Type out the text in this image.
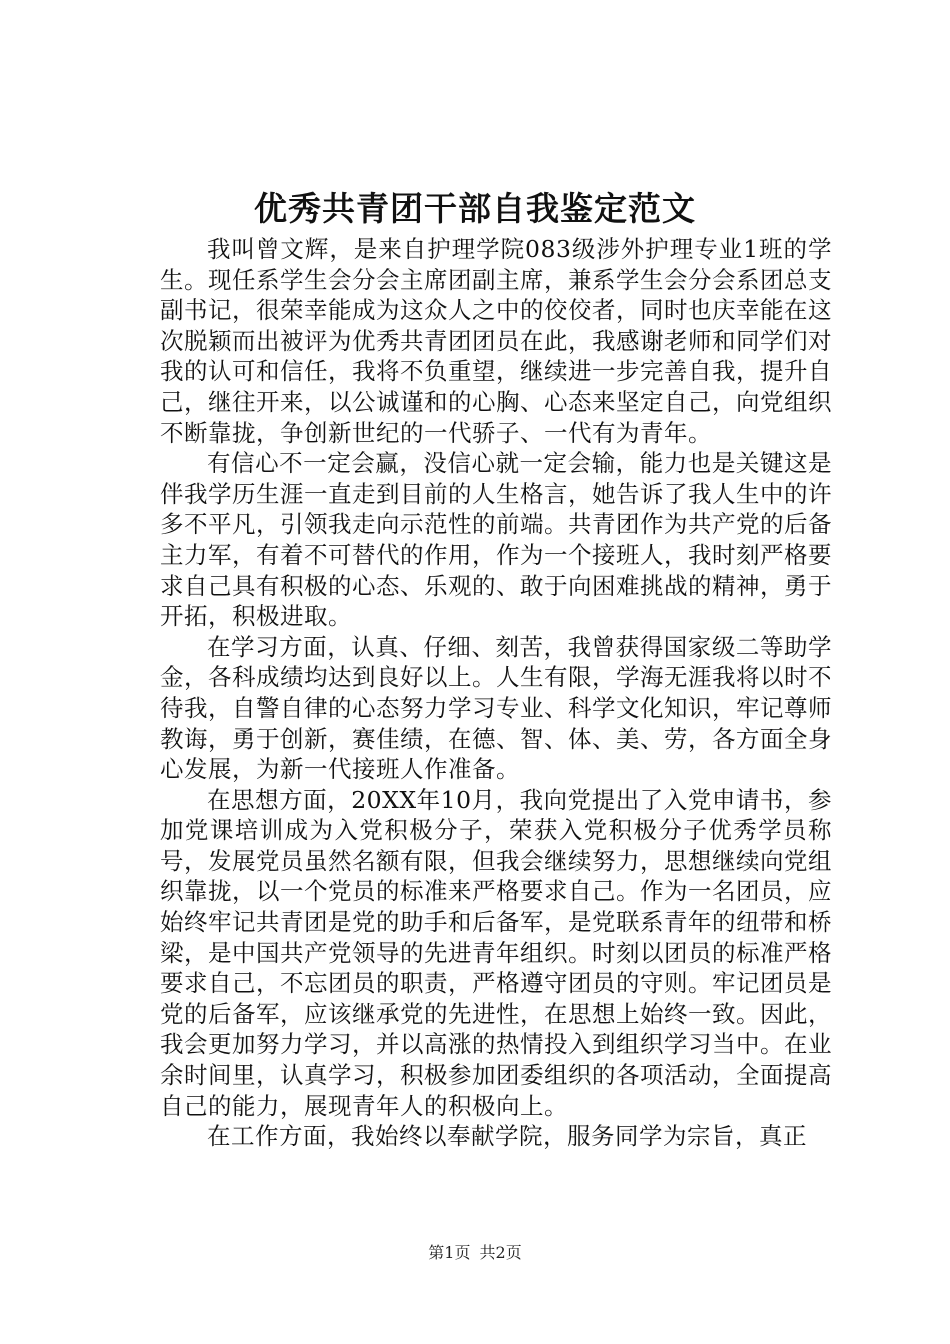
优秀共青团干部自我鉴定范文

我叫曾文辉，是来自护理学院083级涉外护理专业1班的学生。现任系学生会分会主席团副主席，兼系学生会分会系团总支副书记，很荣幸能成为这众人之中的佼佼者，同时也庆幸能在这次脱颖而出被评为优秀共青团团员在此，我感谢老师和同学们对我的认可和信任，我将不负重望，继续进一步完善自我，提升自己，继往开来，以公诚谨和的心胸、心态来坚定自己，向党组织不断靠拢，争创新世纪的一代骄子、一代有为青年。

有信心不一定会赢，没信心就一定会输，能力也是关键这是伴我学历生涯一直走到目前的人生格言，她告诉了我人生中的许多不平凡，引领我走向示范性的前端。共青团作为共产党的后备主力军，有着不可替代的作用，作为一个接班人，我时刻严格要求自己具有积极的心态、乐观的、敢于向困难挑战的精神，勇于开拓，积极进取。

在学习方面，认真、仔细、刻苦，我曾获得国家级二等助学金，各科成绩均达到良好以上。人生有限，学海无涯我将以时不待我，自警自律的心态努力学习专业、科学文化知识，牢记尊师教诲，勇于创新，赛佳绩，在德、智、体、美、劳，各方面全身心发展，为新一代接班人作准备。

在思想方面，20XX年10月，我向党提出了入党申请书，参加党课培训成为入党积极分子，荣获入党积极分子优秀学员称号，发展党员虽然名额有限，但我会继续努力，思想继续向党组织靠拢，以一个党员的标准来严格要求自己。作为一名团员，应始终牢记共青团是党的助手和后备军，是党联系青年的纽带和桥梁，是中国共产党领导的先进青年组织。时刻以团员的标准严格要求自己，不忘团员的职责，严格遵守团员的守则。牢记团员是党的后备军，应该继承党的先进性，在思想上始终一致。因此，我会更加努力学习，并以高涨的热情投入到组织学习当中。在业余时间里，认真学习，积极参加团委组织的各项活动，全面提高自己的能力，展现青年人的积极向上。

在工作方面，我始终以奉献学院，服务同学为宗旨，真正

第1页 共2页
